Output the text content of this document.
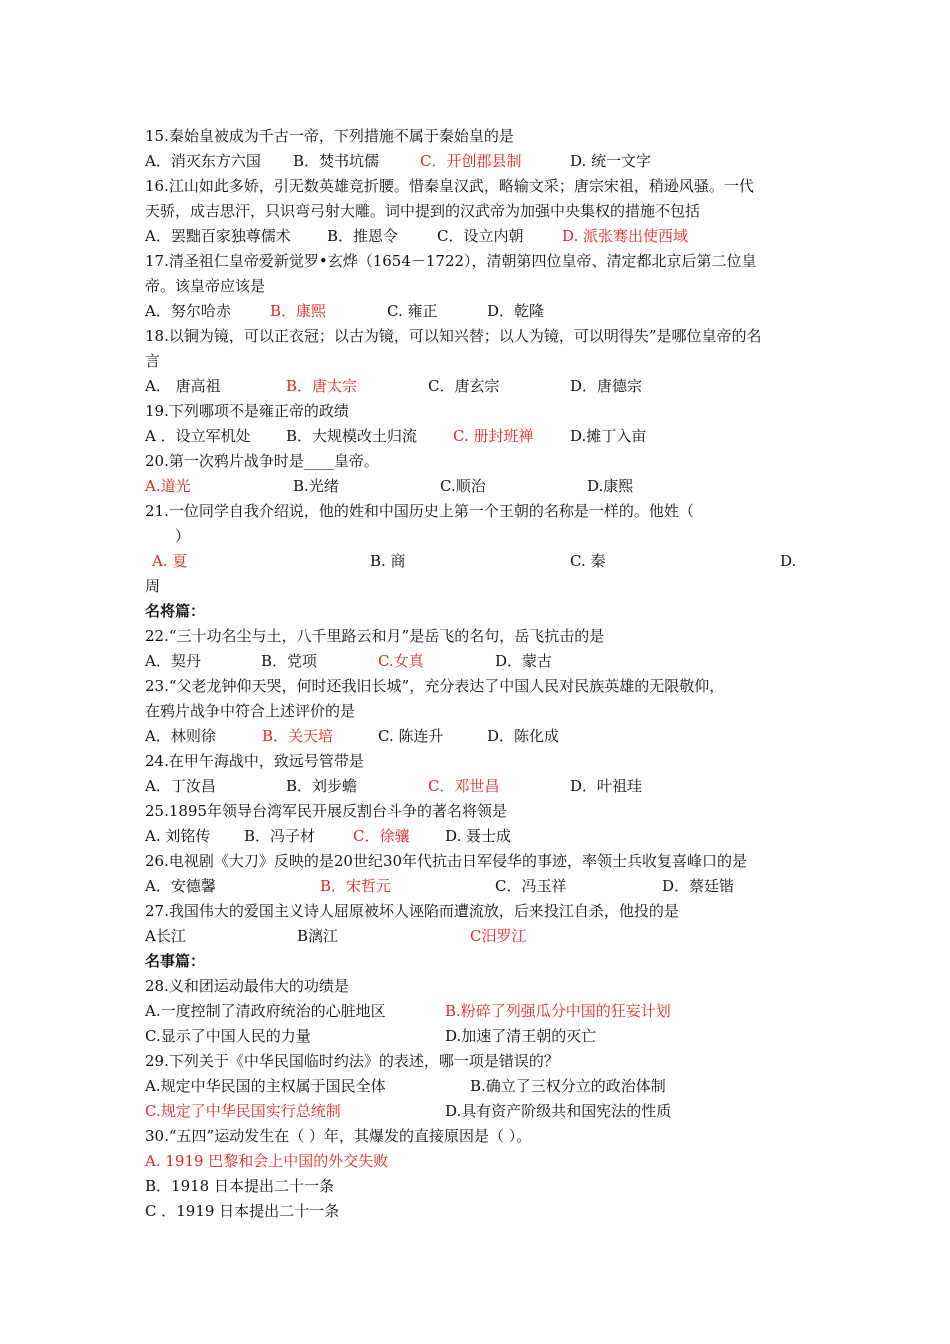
15.秦始皇被成为千古一帝，下列措施不属于秦始皇的是
A．消灭东方六国 B．焚书坑儒	C．开创郡县制	D. 统一文字
16.江山如此多娇，引无数英雄竞折腰。惜秦皇汉武，略输文采；唐宗宋祖，稍逊风骚。一代
天骄，成吉思汗，只识弯弓射大雕。词中提到的汉武帝为加强中央集权的措施不包括
A．罢黜百家独尊儒术 B．推恩令	C．设立内朝	D. 派张骞出使西域
17.清圣祖仁皇帝爱新觉罗•玄烨（1654－1722），清朝第四位皇帝、清定都北京后第二位皇
帝。该皇帝应该是
A．努尔哈赤	B．康熙	C. 雍正	D．乾隆
18.以铜为镜，可以正衣冠；以古为镜，可以知兴替；以人为镜，可以明得失”是哪位皇帝的名
言
A． 唐高祖	B．唐太宗	C．唐玄宗	D．唐德宗
19.下列哪项不是雍正帝的政绩
A ．设立军机处 B．大规模改土归流 C. 册封班禅 D.摊丁入亩
20.第一次鸦片战争时是____皇帝。
A.道光	B.光绪	C.顺治	D.康熙
21.一位同学自我介绍说，他的姓和中国历史上第一个王朝的名称是一样的。他姓（
）
A. 夏	B. 商	C. 秦	D.
周
名将篇：
22.“三十功名尘与土，八千里路云和月”是岳飞的名句，岳飞抗击的是
A．契丹	B．党项	C.女真	D．蒙古
23.“父老龙钟仰天哭，何时还我旧长城”，充分表达了中国人民对民族英雄的无限敬仰，
在鸦片战争中符合上述评价的是
A．林则徐	B．关天培	C. 陈连升	D．陈化成
24.在甲午海战中，致远号管带是
A．丁汝昌	B．刘步蟾	C．邓世昌	D．叶祖珪
25.1895年领导台湾军民开展反割台斗争的著名将领是
A. 刘铭传 B．冯子材	C．徐骧 D. 聂士成
26.电视剧《大刀》反映的是20世纪30年代抗击日军侵华的事迹，率领士兵收复喜峰口的是
A．安德馨	B．宋哲元	C．冯玉祥	D．蔡廷锴
27.我国伟大的爱国主义诗人屈原被坏人诬陷而遭流放，后来投江自杀，他投的是
A长江	B漓江	C汨罗江
名事篇：
28.义和团运动最伟大的功绩是
A.一度控制了清政府统治的心脏地区	B.粉碎了列强瓜分中国的狂妄计划
C.显示了中国人民的力量	D.加速了清王朝的灭亡
29.下列关于《中华民国临时约法》的表述，哪一项是错误的？
A.规定中华民国的主权属于国民全体	B.确立了三权分立的政治体制
C.规定了中华民国实行总统制	D.具有资产阶级共和国宪法的性质
30.“五四”运动发生在（ ）年，其爆发的直接原因是（ ）。
A. 1919 巴黎和会上中国的外交失败
B．1918 日本提出二十一条
C ．1919 日本提出二十一条
